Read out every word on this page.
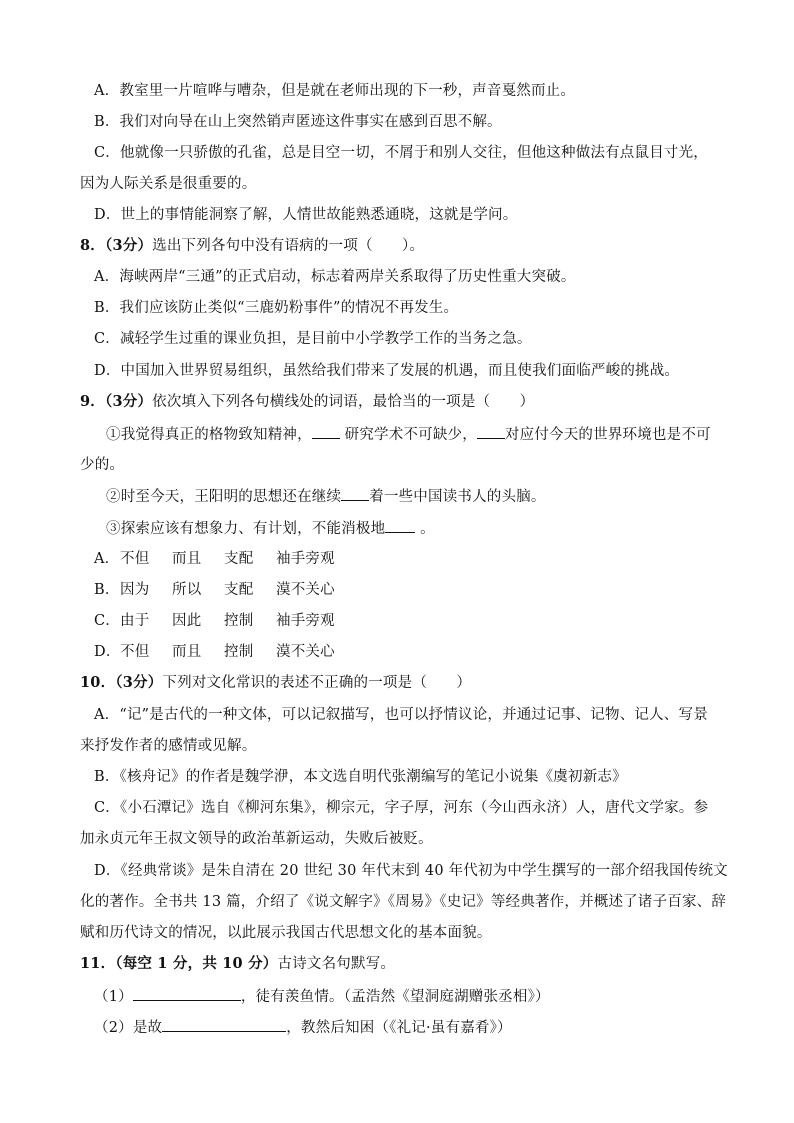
A．教室里一片喧哗与嘈杂，但是就在老师出现的下一秒，声音戛然而止。
B．我们对向导在山上突然销声匿迹这件事实在感到百思不解。
C．他就像一只骄傲的孔雀，总是目空一切，不屑于和别人交往，但他这种做法有点鼠目寸光，
因为人际关系是很重要的。
D．世上的事情能洞察了解，人情世故能熟悉通晓，这就是学问。
8．（3分）选出下列各句中没有语病的一项（　　）。
A．海峡两岸“三通”的正式启动，标志着两岸关系取得了历史性重大突破。
B．我们应该防止类似“三鹿奶粉事件”的情况不再发生。
C．减轻学生过重的课业负担，是目前中小学教学工作的当务之急。
D．中国加入世界贸易组织，虽然给我们带来了发展的机遇，而且使我们面临严峻的挑战。
9．（3分）依次填入下列各句横线处的词语，最恰当的一项是（　　）
①我觉得真正的格物致知精神， 研究学术不可缺少， 对应付今天的世界环境也是不可
少的。
②时至今天，王阳明的思想还在继续 着一些中国读书人的头脑。
③探索应该有想象力、有计划，不能消极地 。
A．不但 而且 支配 袖手旁观
B．因为 所以 支配 漠不关心
C．由于 因此 控制 袖手旁观
D．不但 而且 控制 漠不关心
10．（3分）下列对文化常识的表述不正确的一项是（　　）
A．“记”是古代的一种文体，可以记叙描写，也可以抒情议论，并通过记事、记物、记人、写景
来抒发作者的感情或见解。
B．《核舟记》的作者是魏学洢，本文选自明代张潮编写的笔记小说集《虞初新志》
C．《小石潭记》选自《柳河东集》，柳宗元，字子厚，河东（今山西永济）人，唐代文学家。参
加永贞元年王叔文领导的政治革新运动，失败后被贬。
D．《经典常谈》是朱自清在 20 世纪 30 年代末到 40 年代初为中学生撰写的一部介绍我国传统文
化的著作。全书共 13 篇，介绍了《说文解字》《周易》《史记》等经典著作，并概述了诸子百家、辞
赋和历代诗文的情况，以此展示我国古代思想文化的基本面貌。
11．（每空 1 分，共 10 分）古诗文名句默写。
（1）	，徒有羡鱼情。（孟浩然《望洞庭湖赠张丞相》）
（2）是故	，教然后知困（《礼记·虽有嘉肴》）
